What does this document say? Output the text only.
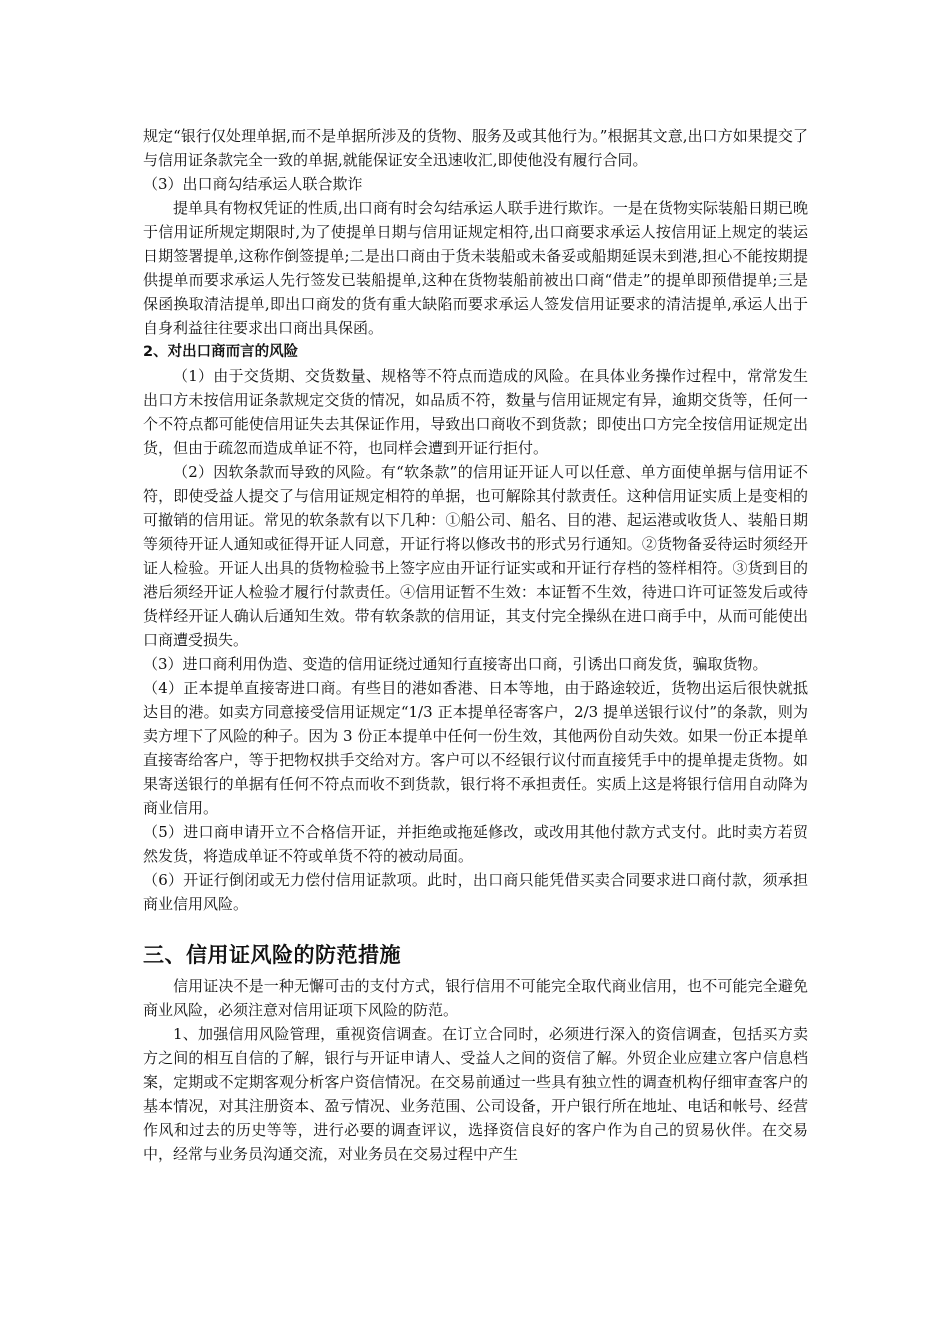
规定“银行仅处理单据,而不是单据所涉及的货物、服务及或其他行为。”根据其文意,出口方如果提交了与信用证条款完全一致的单据,就能保证安全迅速收汇,即使他没有履行合同。

（3）出口商勾结承运人联合欺诈

提单具有物权凭证的性质,出口商有时会勾结承运人联手进行欺诈。一是在货物实际装船日期已晚于信用证所规定期限时,为了使提单日期与信用证规定相符,出口商要求承运人按信用证上规定的装运日期签署提单,这称作倒签提单;二是出口商由于货未装船或未备妥或船期延误未到港,担心不能按期提供提单而要求承运人先行签发已装船提单,这种在货物装船前被出口商“借走”的提单即预借提单;三是保函换取清洁提单,即出口商发的货有重大缺陷而要求承运人签发信用证要求的清洁提单,承运人出于自身利益往往要求出口商出具保函。

2、对出口商而言的风险

（1）由于交货期、交货数量、规格等不符点而造成的风险。在具体业务操作过程中，常常发生出口方未按信用证条款规定交货的情况，如品质不符，数量与信用证规定有异，逾期交货等，任何一个不符点都可能使信用证失去其保证作用，导致出口商收不到货款；即使出口方完全按信用证规定出货，但由于疏忽而造成单证不符，也同样会遭到开证行拒付。

（2）因软条款而导致的风险。有“软条款”的信用证开证人可以任意、单方面使单据与信用证不符，即使受益人提交了与信用证规定相符的单据，也可解除其付款责任。这种信用证实质上是变相的可撤销的信用证。常见的软条款有以下几种：①船公司、船名、目的港、起运港或收货人、装船日期等须待开证人通知或征得开证人同意，开证行将以修改书的形式另行通知。②货物备妥待运时须经开证人检验。开证人出具的货物检验书上签字应由开证行证实或和开证行存档的签样相符。③货到目的港后须经开证人检验才履行付款责任。④信用证暂不生效：本证暂不生效，待进口许可证签发后或待货样经开证人确认后通知生效。带有软条款的信用证，其支付完全操纵在进口商手中，从而可能使出口商遭受损失。

（3）进口商利用伪造、变造的信用证绕过通知行直接寄出口商，引诱出口商发货，骗取货物。

（4）正本提单直接寄进口商。有些目的港如香港、日本等地，由于路途较近，货物出运后很快就抵达目的港。如卖方同意接受信用证规定“1/3 正本提单径寄客户，2/3 提单送银行议付”的条款，则为卖方埋下了风险的种子。因为 3 份正本提单中任何一份生效，其他两份自动失效。如果一份正本提单直接寄给客户，等于把物权拱手交给对方。客户可以不经银行议付而直接凭手中的提单提走货物。如果寄送银行的单据有任何不符点而收不到货款，银行将不承担责任。实质上这是将银行信用自动降为商业信用。

（5）进口商申请开立不合格信开证，并拒绝或拖延修改，或改用其他付款方式支付。此时卖方若贸然发货，将造成单证不符或单货不符的被动局面。

（6）开证行倒闭或无力偿付信用证款项。此时，出口商只能凭借买卖合同要求进口商付款，须承担商业信用风险。

三、信用证风险的防范措施

信用证决不是一种无懈可击的支付方式，银行信用不可能完全取代商业信用，也不可能完全避免商业风险，必须注意对信用证项下风险的防范。

1、加强信用风险管理，重视资信调查。在订立合同时，必须进行深入的资信调查，包括买方卖方之间的相互自信的了解，银行与开证申请人、受益人之间的资信了解。外贸企业应建立客户信息档案，定期或不定期客观分析客户资信情况。在交易前通过一些具有独立性的调查机构仔细审查客户的基本情况，对其注册资本、盈亏情况、业务范围、公司设备，开户银行所在地址、电话和帐号、经营作风和过去的历史等等，进行必要的调查评议，选择资信良好的客户作为自己的贸易伙伴。在交易中，经常与业务员沟通交流，对业务员在交易过程中产生
